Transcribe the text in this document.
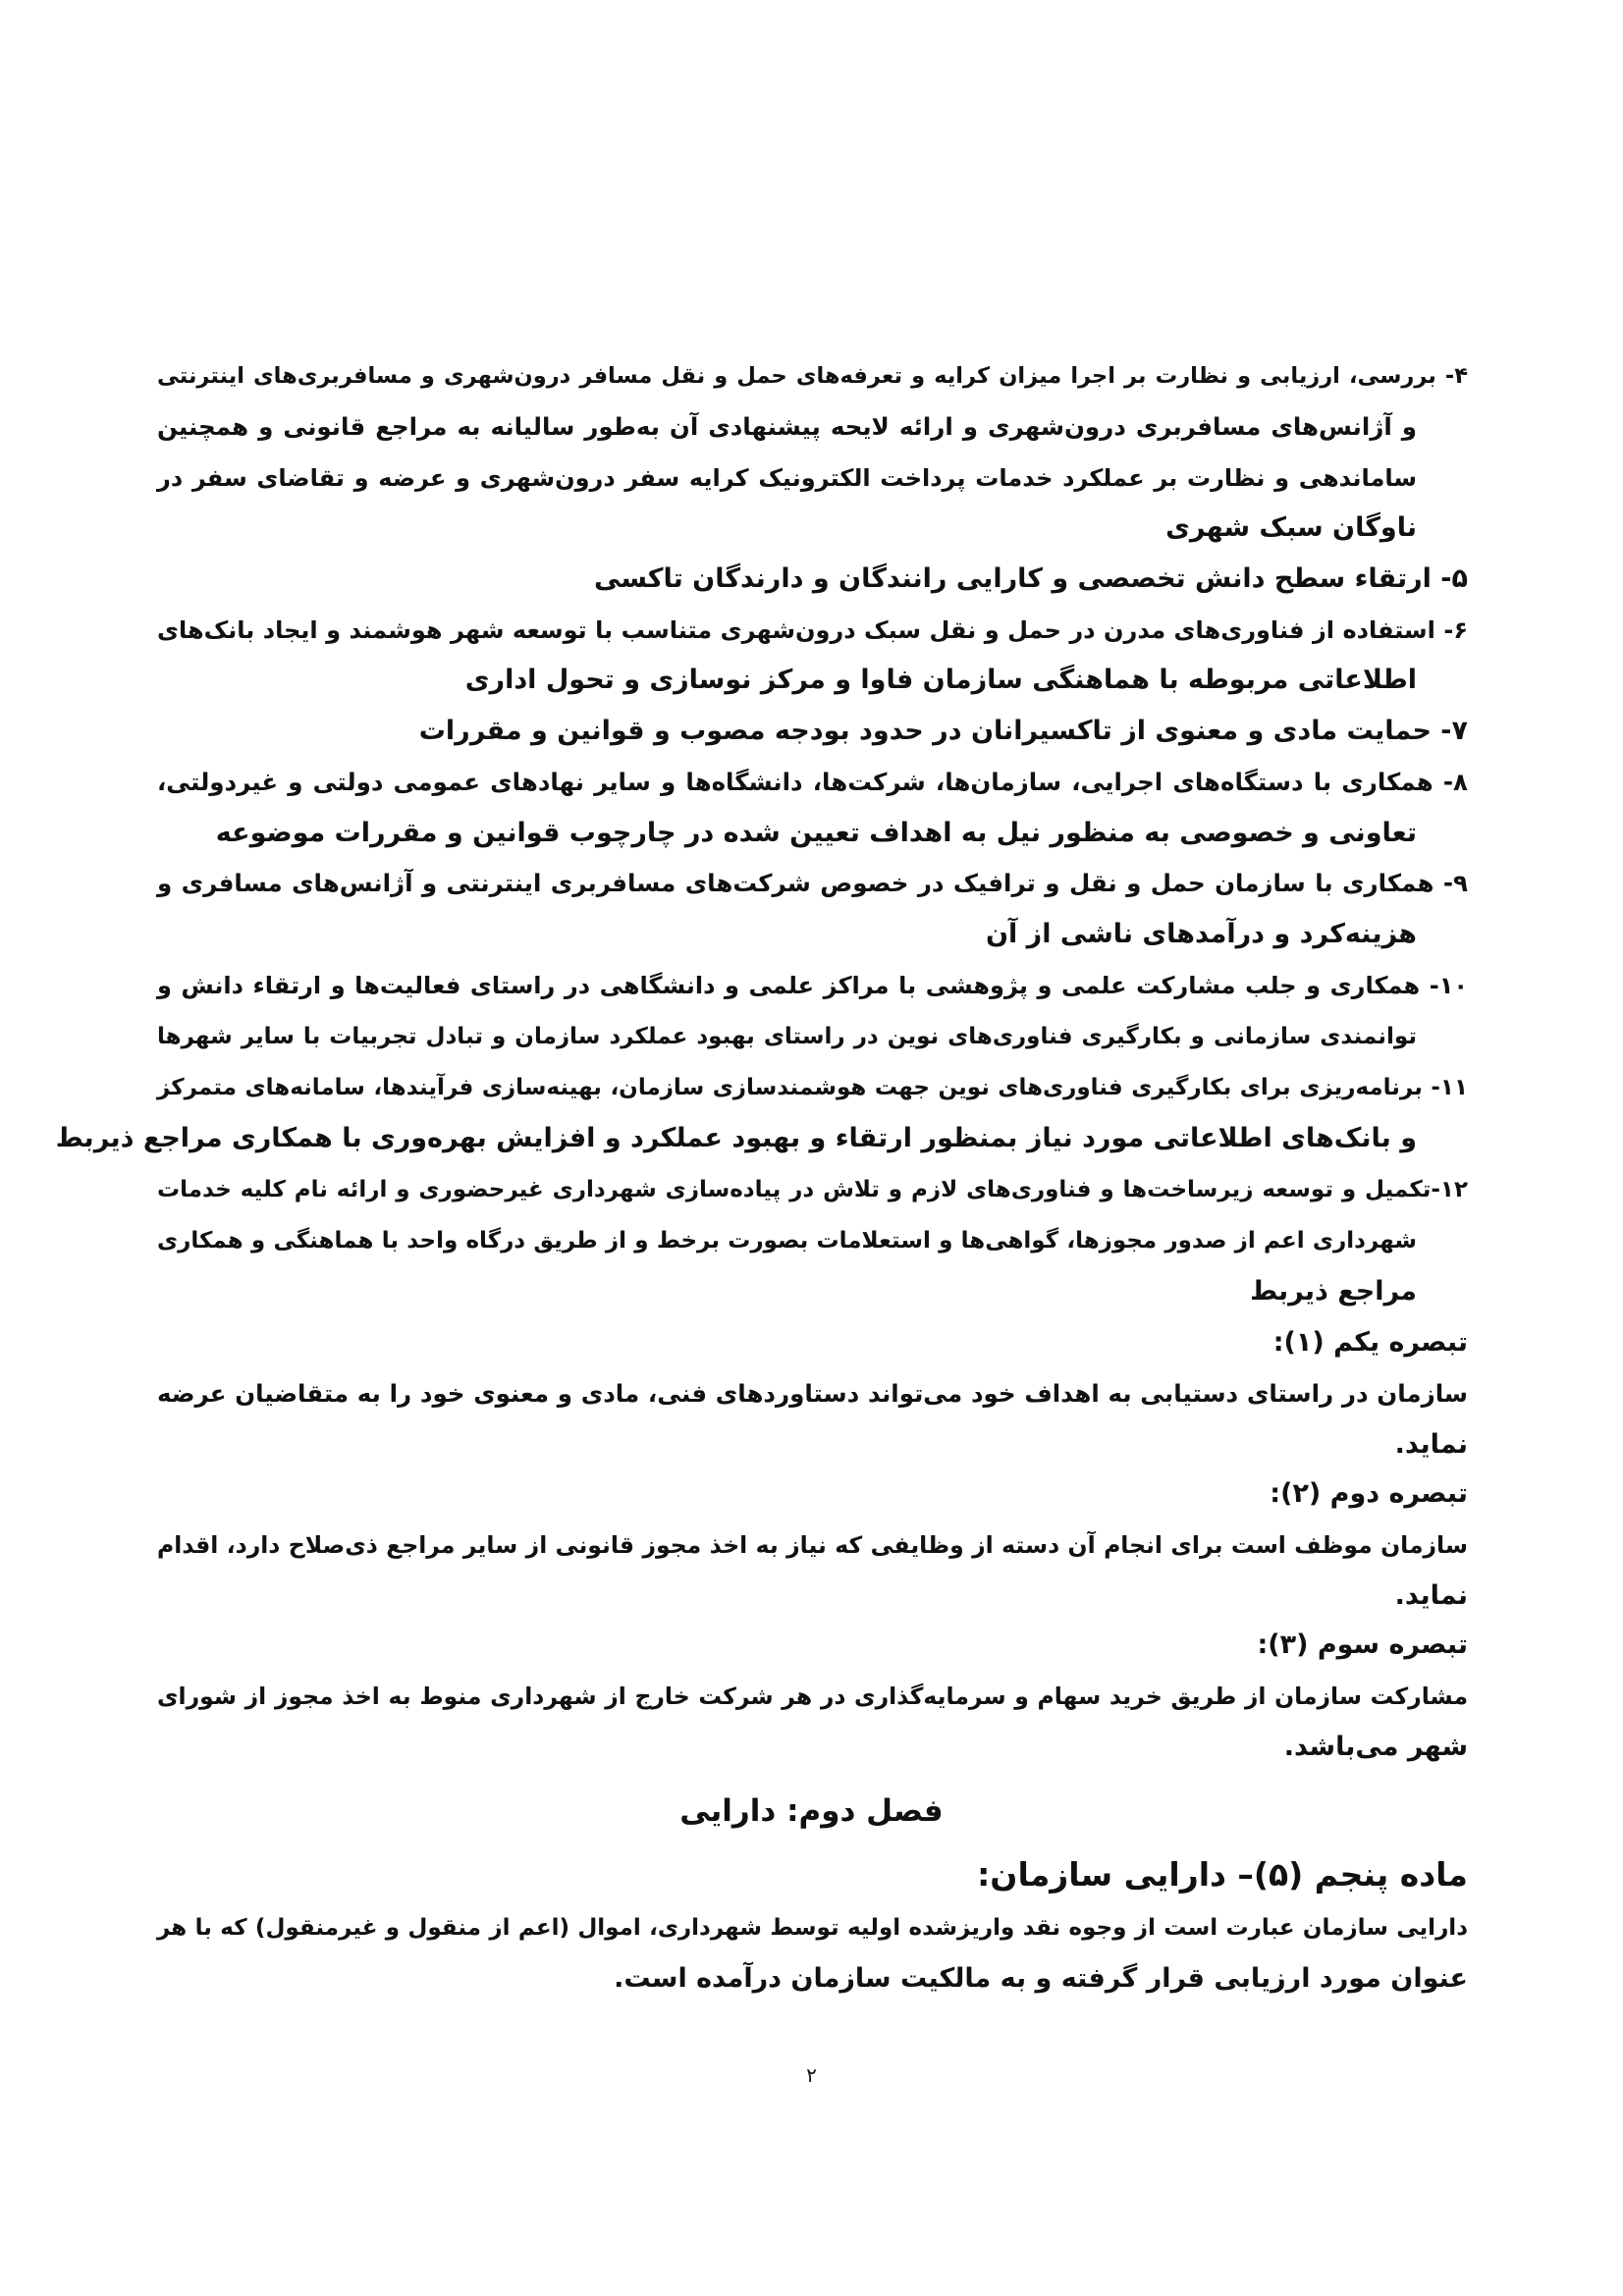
۴- بررسی، ارزیابی و نظارت بر اجرا میزان کرایه و تعرفه‌های حمل و نقل مسافر درون‌شهری و مسافربری‌های اینترنتی
و آژانس‌های مسافربری درون‌شهری و ارائه لایحه پیشنهادی آن به‌طور سالیانه به مراجع قانونی و همچنین
ساماندهی و نظارت بر عملکرد خدمات پرداخت الکترونیک کرایه سفر درون‌شهری و عرضه و تقاضای سفر در
ناوگان سبک شهری
۵- ارتقاء سطح دانش تخصصی و کارایی رانندگان و دارندگان تاکسی
۶- استفاده از فناوری‌های مدرن در حمل و نقل سبک درون‌شهری متناسب با توسعه شهر هوشمند و ایجاد بانک‌های
اطلاعاتی مربوطه با هماهنگی سازمان فاوا و مرکز نوسازی و تحول اداری
۷- حمایت مادی و معنوی از تاکسیرانان در حدود بودجه مصوب و قوانین و مقررات
۸- همکاری با دستگاه‌های اجرایی، سازمان‌ها، شرکت‌ها، دانشگاه‌ها و سایر نهادهای عمومی دولتی و غیردولتی،
تعاونی و خصوصی به منظور نیل به اهداف تعیین شده در چارچوب قوانین و مقررات موضوعه
۹- همکاری با سازمان حمل و نقل و ترافیک در خصوص شرکت‌های مسافربری اینترنتی و آژانس‌های مسافری و
هزینه‌کرد و درآمدهای ناشی از آن
۱۰- همکاری و جلب مشارکت علمی و پژوهشی با مراکز علمی و دانشگاهی در راستای فعالیت‌ها و ارتقاء دانش و
توانمندی سازمانی و بکارگیری فناوری‌های نوین در راستای بهبود عملکرد سازمان و تبادل تجربیات با سایر شهرها
۱۱- برنامه‌ریزی برای بکارگیری فناوری‌های نوین جهت هوشمندسازی سازمان، بهینه‌سازی فرآیندها، سامانه‌های متمرکز
و بانک‌های اطلاعاتی مورد نیاز بمنظور ارتقاء و بهبود عملکرد و افزایش بهره‌وری با همکاری مراجع ذیربط
۱۲-تکمیل و توسعه زیرساخت‌ها و فناوری‌های لازم و تلاش در پیاده‌سازی شهرداری غیرحضوری و ارائه نام کلیه خدمات
شهرداری اعم از صدور مجوزها، گواهی‌ها و استعلامات بصورت برخط و از طریق درگاه واحد با هماهنگی و همکاری
مراجع ذیربط
تبصره یکم (۱):
سازمان در راستای دستیابی به اهداف خود می‌تواند دستاوردهای فنی، مادی و معنوی خود را به متقاضیان عرضه
نماید.
تبصره دوم (۲):
سازمان موظف است برای انجام آن دسته از وظایفی که نیاز به اخذ مجوز قانونی از سایر مراجع ذی‌صلاح دارد، اقدام
نماید.
تبصره سوم (۳):
مشارکت سازمان از طریق خرید سهام و سرمایه‌گذاری در هر شرکت خارج از شهرداری منوط به اخذ مجوز از شورای
شهر می‌باشد.
فصل دوم: دارایی
ماده پنجم (۵)– دارایی سازمان:
دارایی سازمان عبارت است از وجوه نقد واریزشده اولیه توسط شهرداری، اموال (اعم از منقول و غیرمنقول) که با هر
عنوان مورد ارزیابی قرار گرفته و به مالکیت سازمان درآمده است.
۲
